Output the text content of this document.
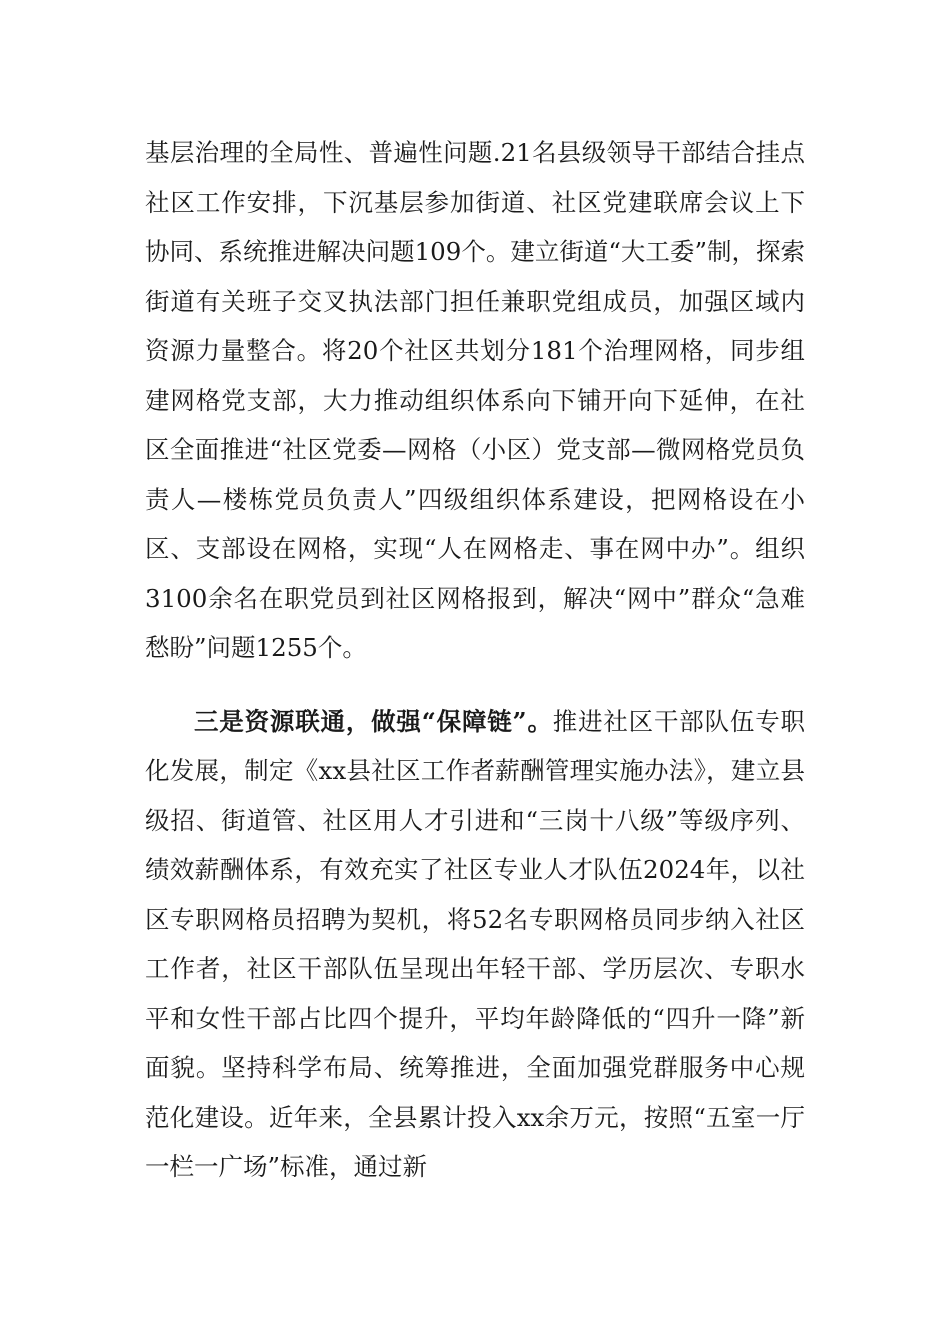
基层治理的全局性、普遍性问题.21名县级领导干部结合挂点社区工作安排，下沉基层参加街道、社区党建联席会议上下协同、系统推进解决问题109个。建立街道“大工委”制，探索街道有关班子交叉执法部门担任兼职党组成员，加强区域内资源力量整合。将20个社区共划分181个治理网格，同步组建网格党支部，大力推动组织体系向下铺开向下延伸，在社区全面推进“社区党委—网格（小区）党支部—微网格党员负责人—楼栋党员负责人”四级组织体系建设，把网格设在小区、支部设在网格，实现“人在网格走、事在网中办”。组织3100余名在职党员到社区网格报到，解决“网中”群众“急难愁盼”问题1255个。

三是资源联通，做强“保障链”。推进社区干部队伍专职化发展，制定《xx县社区工作者薪酬管理实施办法》，建立县级招、街道管、社区用人才引进和“三岗十八级”等级序列、绩效薪酬体系，有效充实了社区专业人才队伍2024年，以社区专职网格员招聘为契机，将52名专职网格员同步纳入社区工作者，社区干部队伍呈现出年轻干部、学历层次、专职水平和女性干部占比四个提升，平均年龄降低的“四升一降”新面貌。坚持科学布局、统筹推进，全面加强党群服务中心规范化建设。近年来，全县累计投入xx余万元，按照“五室一厅一栏一广场”标准，通过新
